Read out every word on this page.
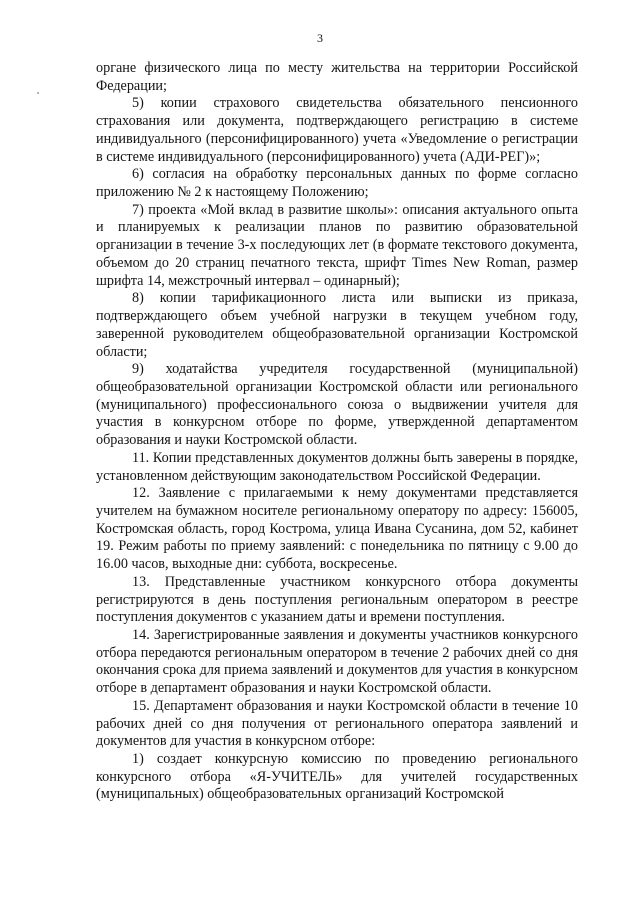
3

органе физического лица по месту жительства на территории Российской Федерации;

5) копии страхового свидетельства обязательного пенсионного страхования или документа, подтверждающего регистрацию в системе индивидуального (персонифицированного) учета «Уведомление о регистрации в системе индивидуального (персонифицированного) учета (АДИ-РЕГ)»;

6) согласия на обработку персональных данных по форме согласно приложению № 2 к настоящему Положению;

7) проекта «Мой вклад в развитие школы»: описания актуального опыта и планируемых к реализации планов по развитию образовательной организации в течение 3-х последующих лет (в формате текстового документа, объемом до 20 страниц печатного текста, шрифт Times New Roman, размер шрифта 14, межстрочный интервал – одинарный);

8) копии тарификационного листа или выписки из приказа, подтверждающего объем учебной нагрузки в текущем учебном году, заверенной руководителем общеобразовательной организации Костромской области;

9) ходатайства учредителя государственной (муниципальной) общеобразовательной организации Костромской области или регионального (муниципального) профессионального союза о выдвижении учителя для участия в конкурсном отборе по форме, утвержденной департаментом образования и науки Костромской области.

11. Копии представленных документов должны быть заверены в порядке, установленном действующим законодательством Российской Федерации.

12. Заявление с прилагаемыми к нему документами представляется учителем на бумажном носителе региональному оператору по адресу: 156005, Костромская область, город Кострома, улица Ивана Сусанина, дом 52, кабинет 19. Режим работы по приему заявлений: с понедельника по пятницу с 9.00 до 16.00 часов, выходные дни: суббота, воскресенье.

13. Представленные участником конкурсного отбора документы регистрируются в день поступления региональным оператором в реестре поступления документов с указанием даты и времени поступления.

14. Зарегистрированные заявления и документы участников конкурсного отбора передаются региональным оператором в течение 2 рабочих дней со дня окончания срока для приема заявлений и документов для участия в конкурсном отборе в департамент образования и науки Костромской области.

15. Департамент образования и науки Костромской области в течение 10 рабочих дней со дня получения от регионального оператора заявлений и документов для участия в конкурсном отборе:

1) создает конкурсную комиссию по проведению регионального конкурсного отбора «Я-УЧИТЕЛЬ» для учителей государственных (муниципальных) общеобразовательных организаций Костромской
